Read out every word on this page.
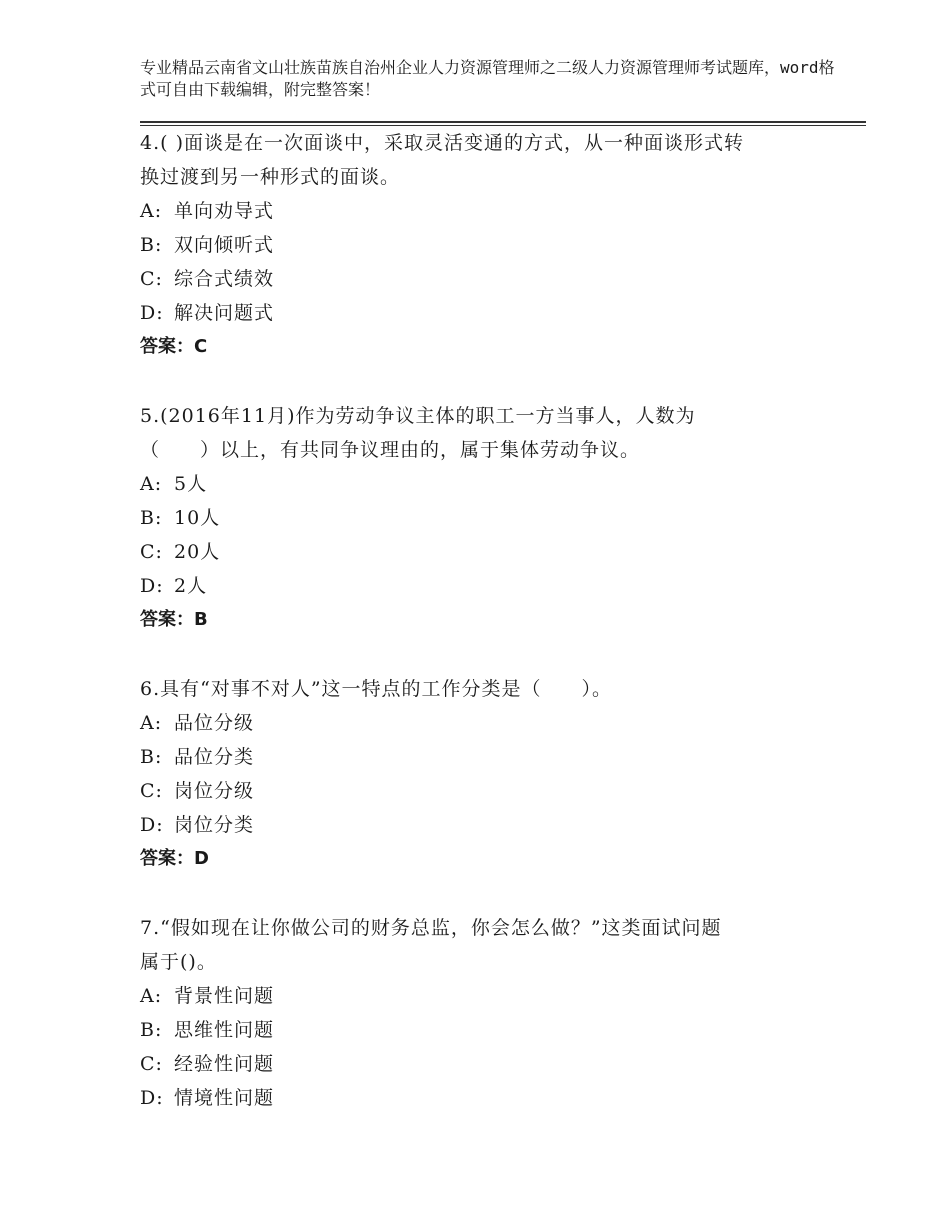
专业精品云南省文山壮族苗族自治州企业人力资源管理师之二级人力资源管理师考试题库，word格式可自由下载编辑，附完整答案！
4.( )面谈是在一次面谈中，采取灵活变通的方式，从一种面谈形式转
换过渡到另一种形式的面谈。
A: 单向劝导式
B: 双向倾听式
C: 综合式绩效
D: 解决问题式
答案：C
5.(2016年11月)作为劳动争议主体的职工一方当事人，人数为
（　　）以上，有共同争议理由的，属于集体劳动争议。
A: 5人
B: 10人
C: 20人
D: 2人
答案：B
6.具有“对事不对人”这一特点的工作分类是（　　）。
A: 品位分级
B: 品位分类
C: 岗位分级
D: 岗位分类
答案：D
7.“假如现在让你做公司的财务总监，你会怎么做？”这类面试问题
属于()。
A: 背景性问题
B: 思维性问题
C: 经验性问题
D: 情境性问题
